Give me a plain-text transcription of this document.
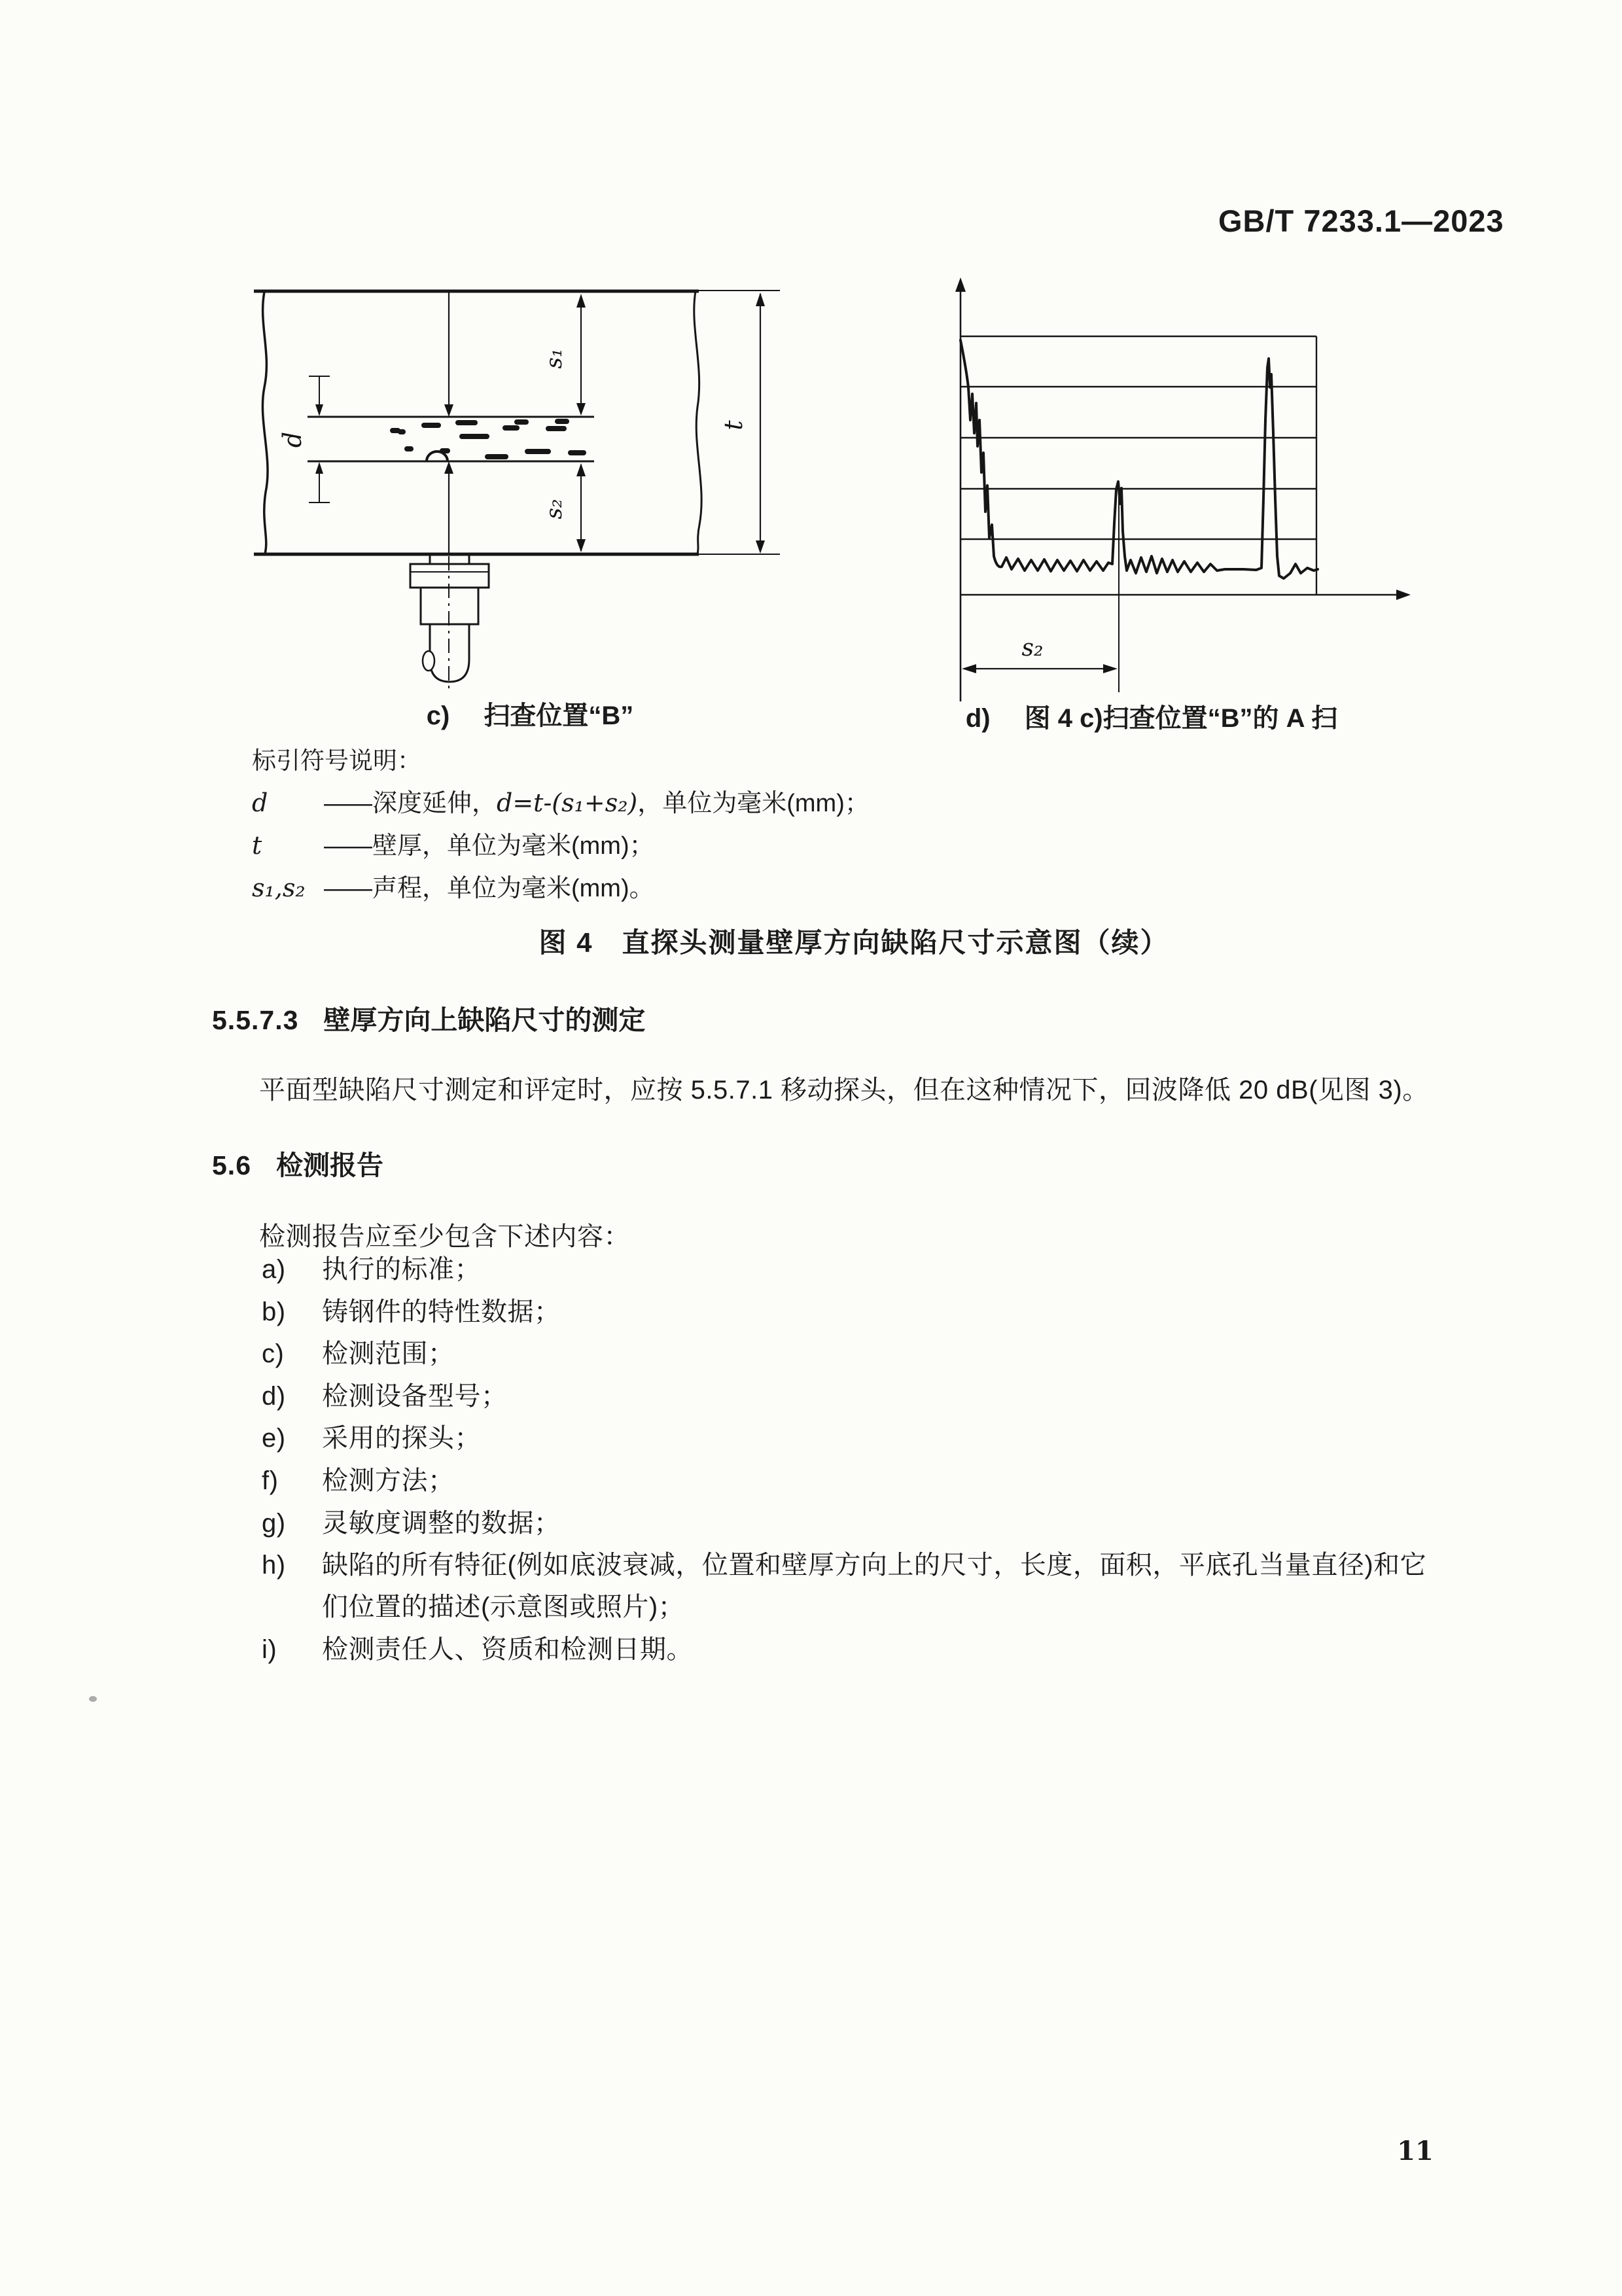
GB/T 7233.1—2023
d
s₁
s₂
t
s₂
c) 扫查位置“B”	d) 图 4 c)扫查位置“B”的 A 扫
标引符号说明：
d	—— 深度延伸， d=t-(s₁+s₂) ，单位为毫米(mm)；
t	—— 壁厚，单位为毫米(mm)；
s₁,s₂ —— 声程，单位为毫米(mm)。
图 4　直探头测量壁厚方向缺陷尺寸示意图（续）
5.5.7.3 壁厚方向上缺陷尺寸的测定
平面型缺陷尺寸测定和评定时，应按 5.5.7.1 移动探头，但在这种情况下，回波降低 20 dB(见图 3)。
5.6 检测报告
检测报告应至少包含下述内容：
a)	执行的标准；
b)	铸钢件的特性数据；
c)	检测范围；
d)	检测设备型号；
e)	采用的探头；
f)	检测方法；
g)	灵敏度调整的数据；
h)	缺陷的所有特征(例如底波衰减，位置和壁厚方向上的尺寸，长度，面积，平底孔当量直径)和它
们位置的描述(示意图或照片)；
i)	检测责任人、资质和检测日期。
11
